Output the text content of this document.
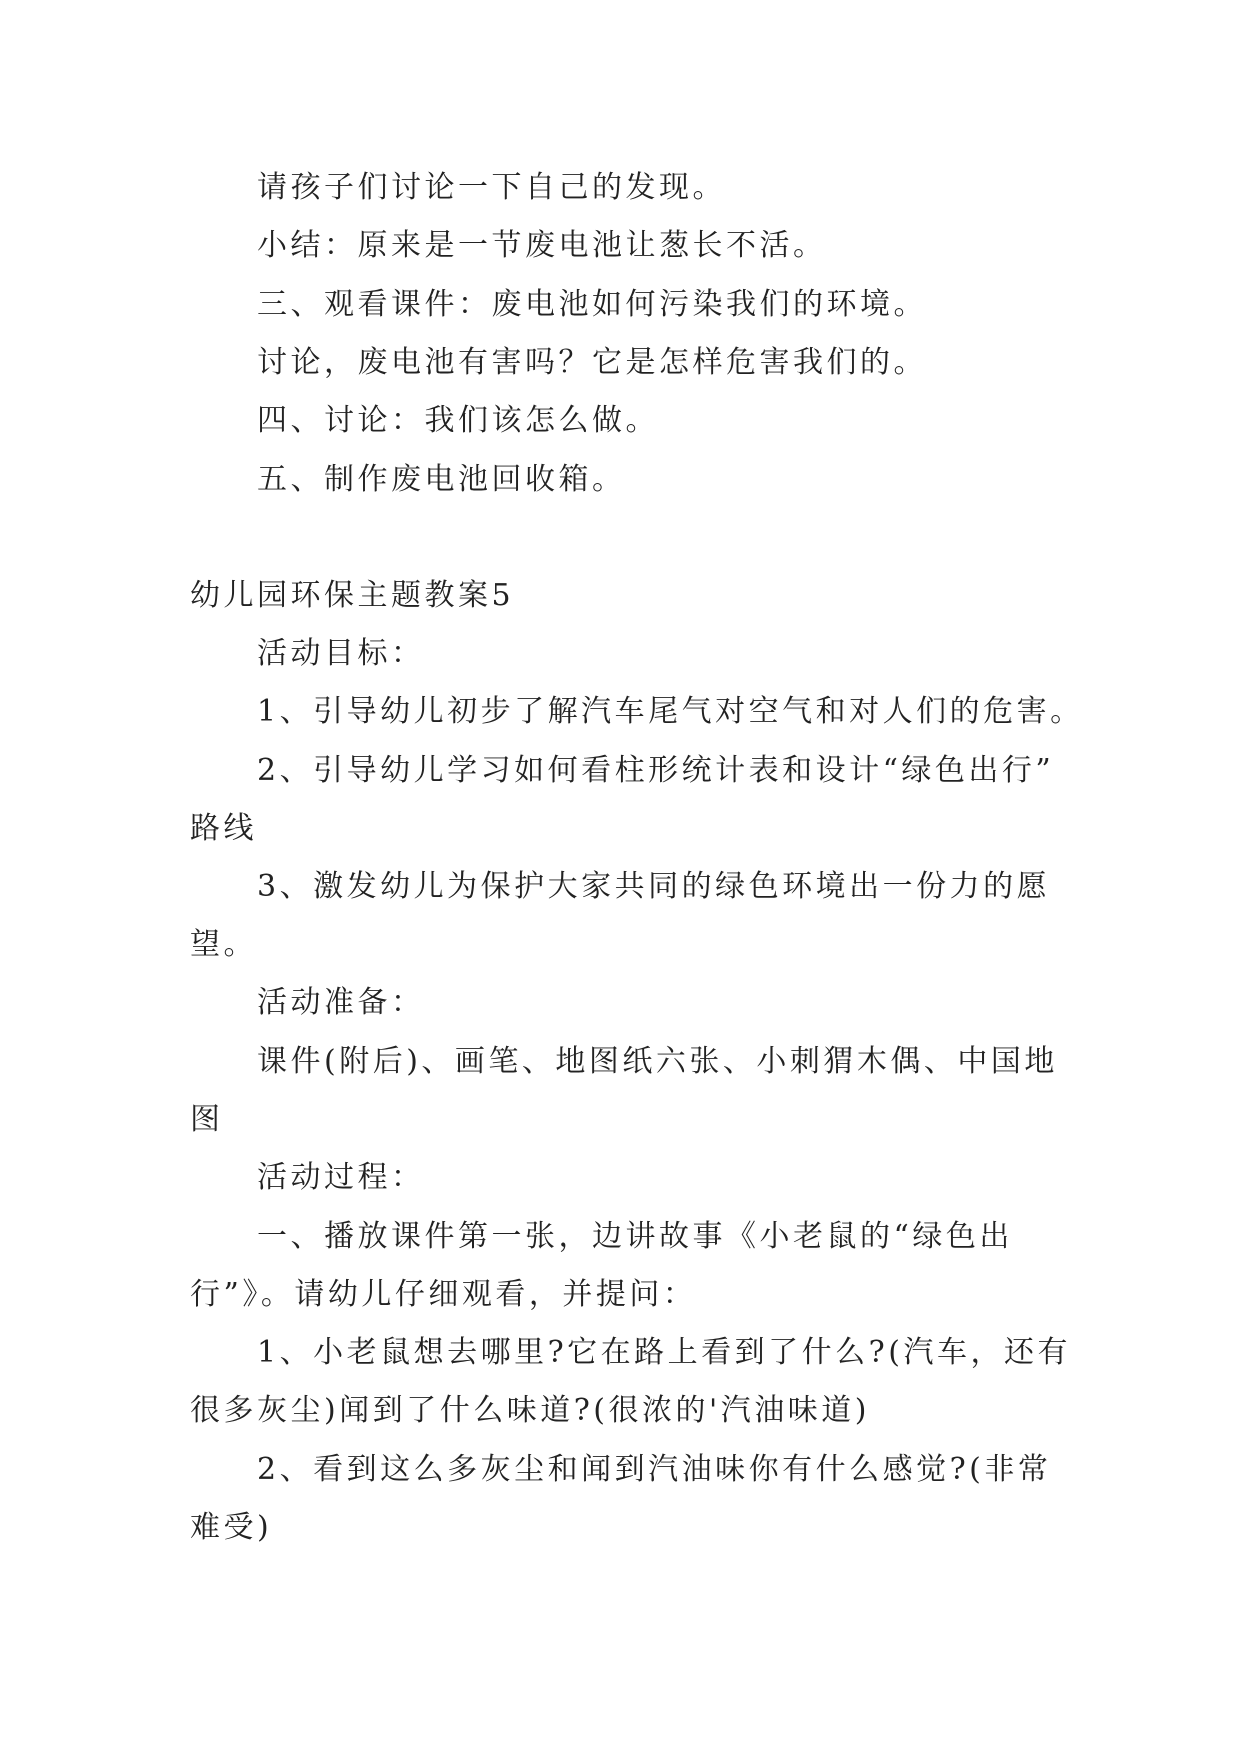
请孩子们讨论一下自己的发现。

小结：原来是一节废电池让葱长不活。

三、观看课件：废电池如何污染我们的环境。

讨论，废电池有害吗？它是怎样危害我们的。

四、讨论：我们该怎么做。

五、制作废电池回收箱。

幼儿园环保主题教案5

活动目标：

1、引导幼儿初步了解汽车尾气对空气和对人们的危害。

2、引导幼儿学习如何看柱形统计表和设计“绿色出行”

路线

3、激发幼儿为保护大家共同的绿色环境出一份力的愿

望。

活动准备：

课件(附后)、画笔、地图纸六张、小刺猬木偶、中国地

图

活动过程：

一、播放课件第一张，边讲故事《小老鼠的“绿色出

行”》。请幼儿仔细观看，并提问：

1、小老鼠想去哪里?它在路上看到了什么?(汽车，还有

很多灰尘)闻到了什么味道?(很浓的'汽油味道)

2、看到这么多灰尘和闻到汽油味你有什么感觉?(非常

难受)
